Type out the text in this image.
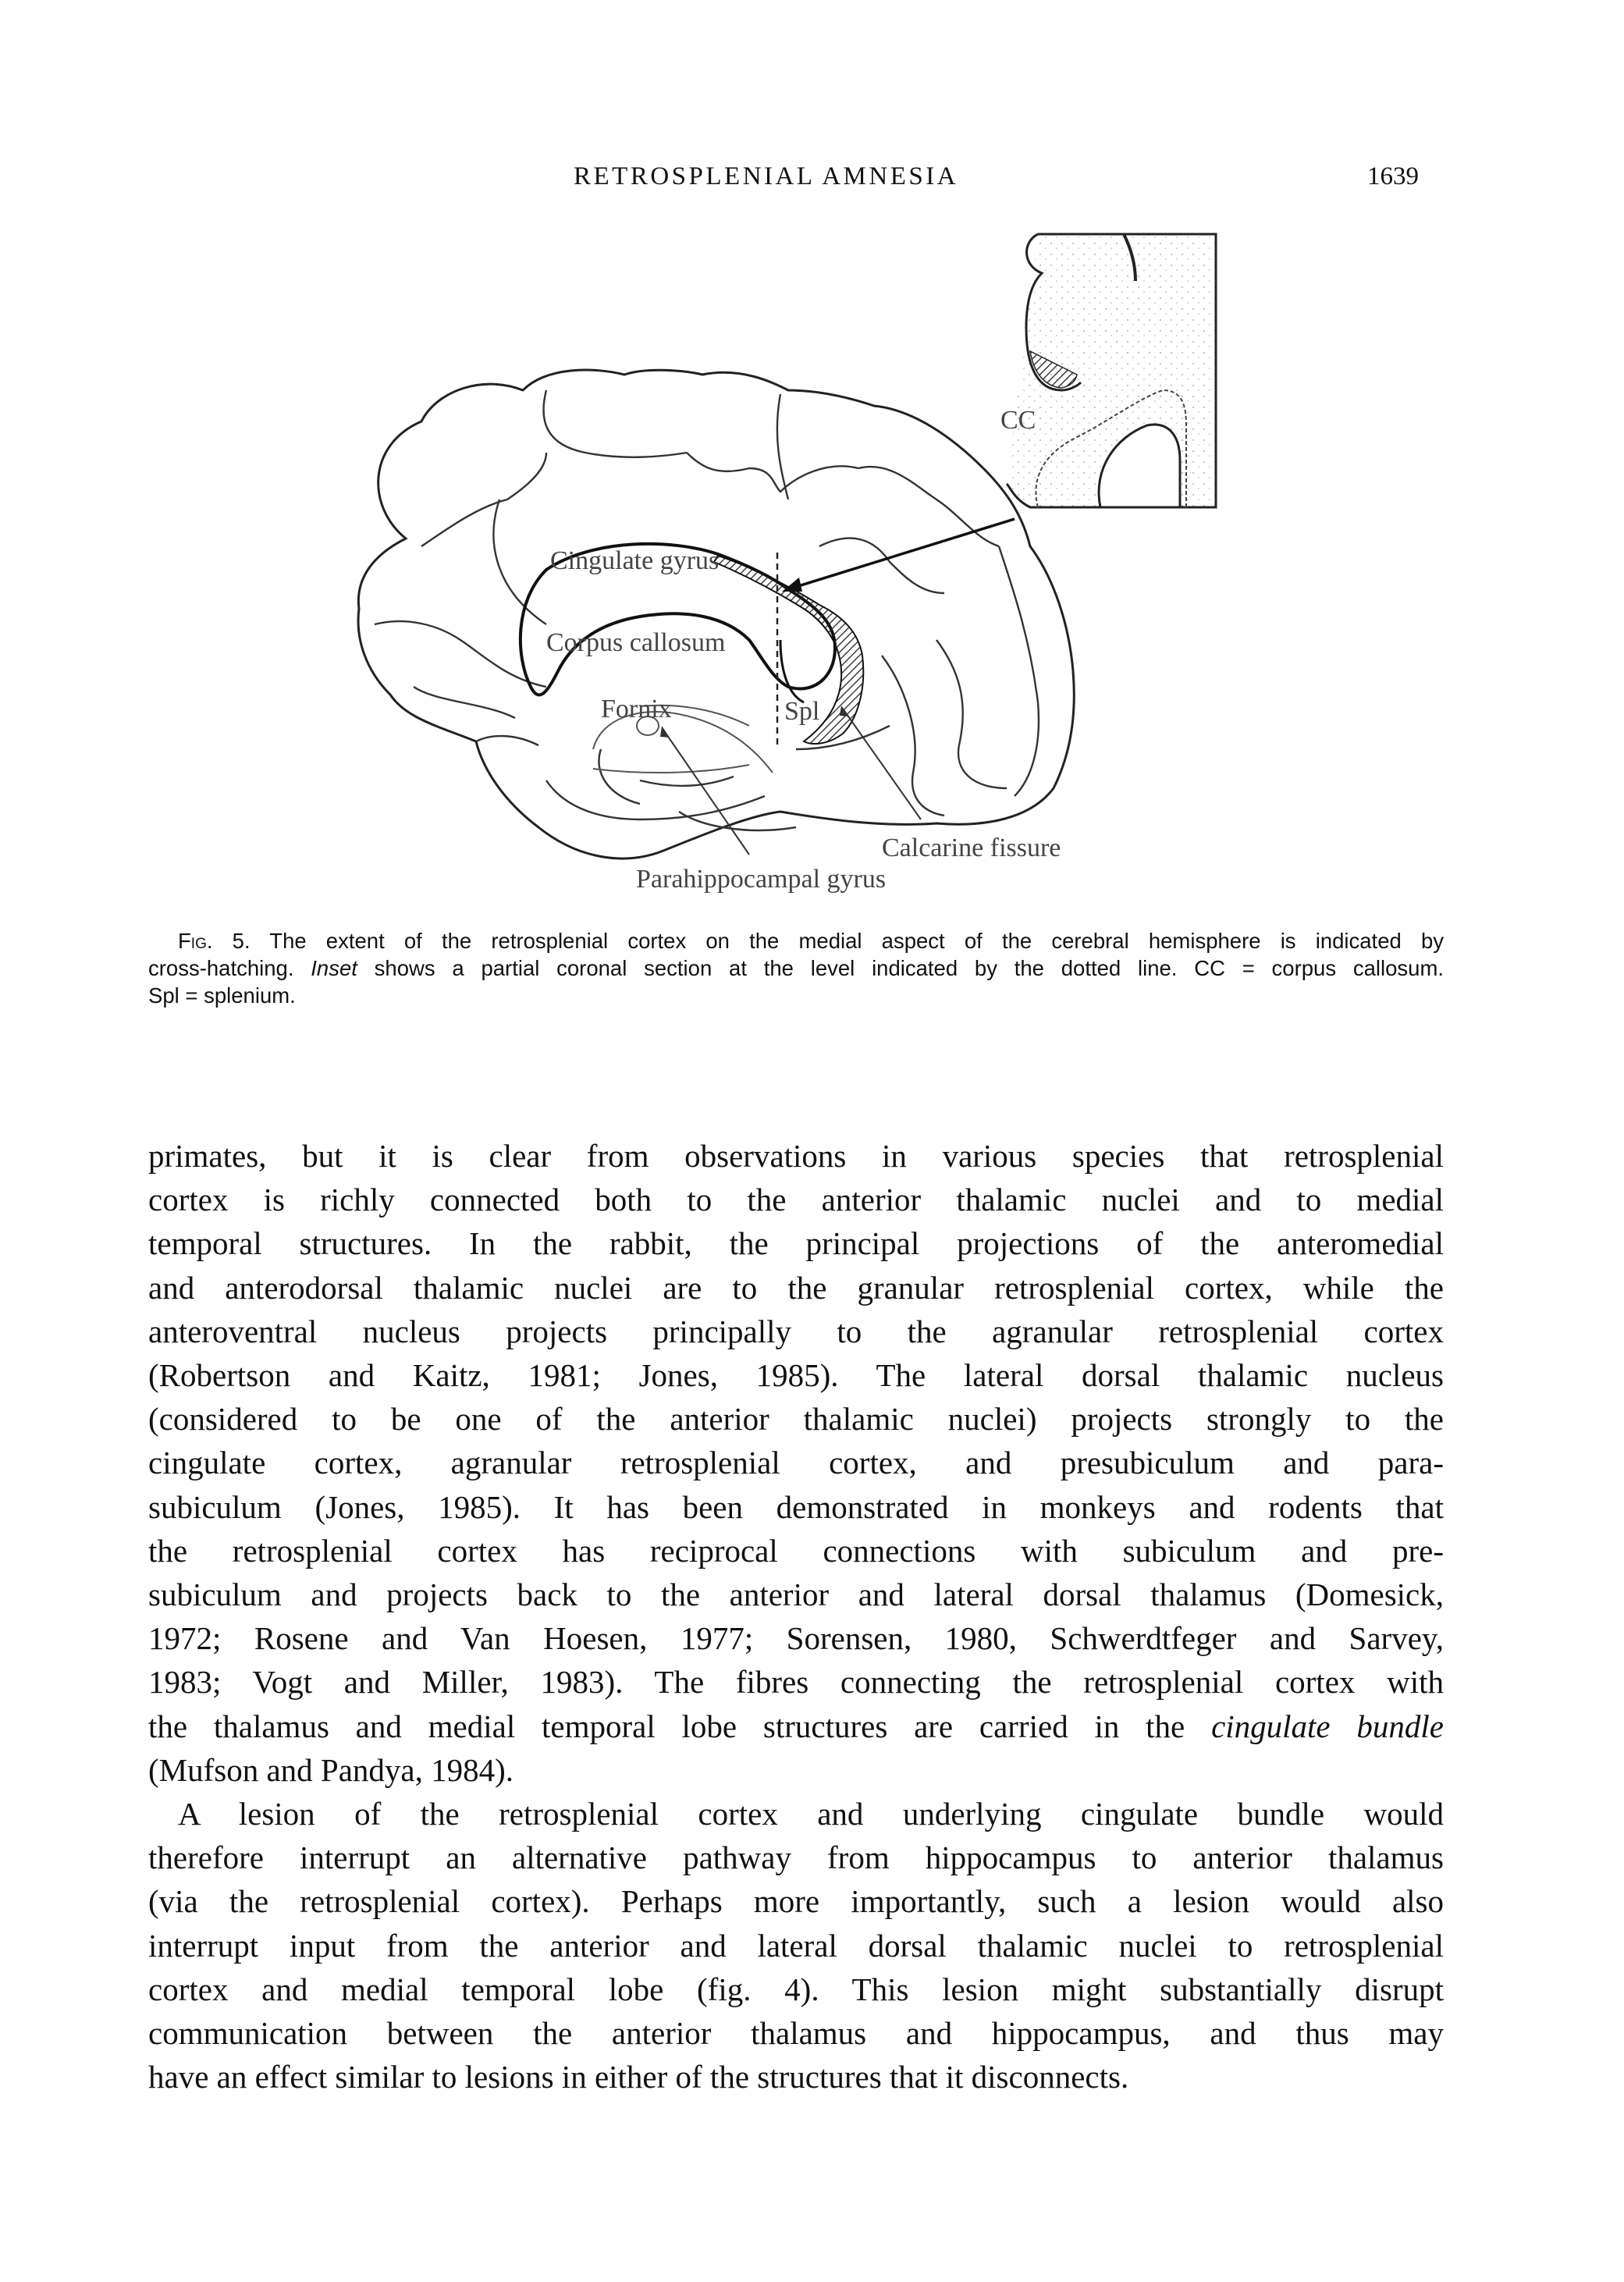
RETROSPLENIAL AMNESIA	1639
Cingulate gyrus
Corpus callosum
Fornix	Spl
Calcarine fissure
Parahippocampal gyrus
CC
Fig. 5. The extent of the retrosplenial cortex on the medial aspect of the cerebral hemisphere is indicated by
cross-hatching. Inset shows a partial coronal section at the level indicated by the dotted line. CC = corpus callosum.
Spl = splenium.
primates, but it is clear from observations in various species that retrosplenial
cortex is richly connected both to the anterior thalamic nuclei and to medial
temporal structures. In the rabbit, the principal projections of the anteromedial
and anterodorsal thalamic nuclei are to the granular retrosplenial cortex, while the
anteroventral nucleus projects principally to the agranular retrosplenial cortex
(Robertson and Kaitz, 1981; Jones, 1985). The lateral dorsal thalamic nucleus
(considered to be one of the anterior thalamic nuclei) projects strongly to the
cingulate cortex, agranular retrosplenial cortex, and presubiculum and para-
subiculum (Jones, 1985). It has been demonstrated in monkeys and rodents that
the retrosplenial cortex has reciprocal connections with subiculum and pre-
subiculum and projects back to the anterior and lateral dorsal thalamus (Domesick,
1972; Rosene and Van Hoesen, 1977; Sorensen, 1980, Schwerdtfeger and Sarvey,
1983; Vogt and Miller, 1983). The fibres connecting the retrosplenial cortex with
the thalamus and medial temporal lobe structures are carried in the cingulate bundle
(Mufson and Pandya, 1984).
A lesion of the retrosplenial cortex and underlying cingulate bundle would
therefore interrupt an alternative pathway from hippocampus to anterior thalamus
(via the retrosplenial cortex). Perhaps more importantly, such a lesion would also
interrupt input from the anterior and lateral dorsal thalamic nuclei to retrosplenial
cortex and medial temporal lobe (fig. 4). This lesion might substantially disrupt
communication between the anterior thalamus and hippocampus, and thus may
have an effect similar to lesions in either of the structures that it disconnects.
